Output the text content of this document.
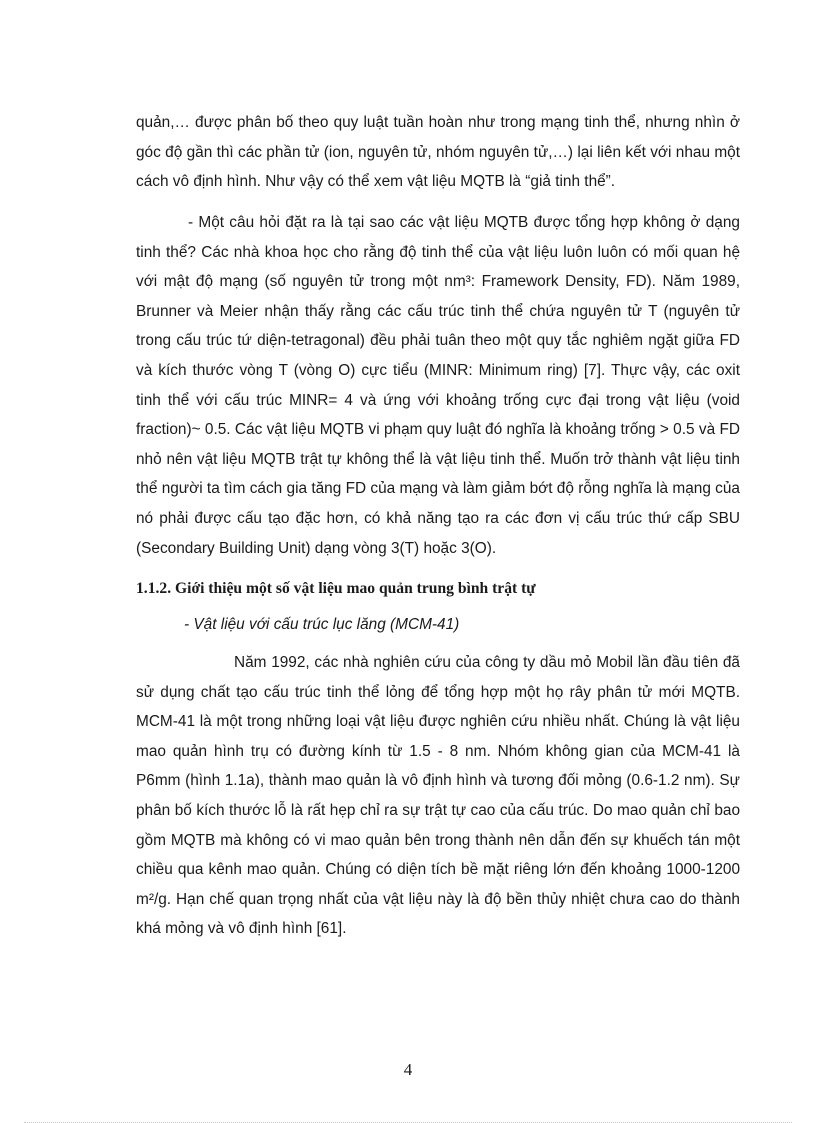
quản,… được phân bố theo quy luật tuần hoàn như trong mạng tinh thể, nhưng nhìn ở góc độ gần thì các phần tử (ion, nguyên tử, nhóm nguyên tử,…) lại liên kết với nhau một cách vô định hình. Như vậy có thể xem vật liệu MQTB là “giả tinh thể”.

- Một câu hỏi đặt ra là tại sao các vật liệu MQTB được tổng hợp không ở dạng tinh thể? Các nhà khoa học cho rằng độ tinh thể của vật liệu luôn luôn có mối quan hệ với mật độ mạng (số nguyên tử trong một nm³: Framework Density, FD). Năm 1989, Brunner và Meier nhận thấy rằng các cấu trúc tinh thể chứa nguyên tử T (nguyên tử trong cấu trúc tứ diện-tetragonal) đều phải tuân theo một quy tắc nghiêm ngặt giữa FD và kích thước vòng T (vòng O) cực tiểu (MINR: Minimum ring) [7]. Thực vậy, các oxit tinh thể với cấu trúc MINR= 4 và ứng với khoảng trống cực đại trong vật liệu (void fraction)~ 0.5. Các vật liệu MQTB vi phạm quy luật đó nghĩa là khoảng trống > 0.5 và FD nhỏ nên vật liệu MQTB trật tự không thể là vật liệu tinh thể. Muốn trở thành vật liệu tinh thể người ta tìm cách gia tăng FD của mạng và làm giảm bớt độ rỗng nghĩa là mạng của nó phải được cấu tạo đặc hơn, có khả năng tạo ra các đơn vị cấu trúc thứ cấp SBU (Secondary Building Unit) dạng vòng 3(T) hoặc 3(O).

1.1.2. Giới thiệu một số vật liệu mao quản trung bình trật tự

- Vật liệu với cấu trúc lục lăng (MCM-41)

Năm 1992, các nhà nghiên cứu của công ty dầu mỏ Mobil lần đầu tiên đã sử dụng chất tạo cấu trúc tinh thể lỏng để tổng hợp một họ rây phân tử mới MQTB. MCM-41 là một trong những loại vật liệu được nghiên cứu nhiều nhất. Chúng là vật liệu mao quản hình trụ có đường kính từ 1.5 - 8 nm. Nhóm không gian của MCM-41 là P6mm (hình 1.1a), thành mao quản là vô định hình và tương đối mỏng (0.6-1.2 nm). Sự phân bố kích thước lỗ là rất hẹp chỉ ra sự trật tự cao của cấu trúc. Do mao quản chỉ bao gồm MQTB mà không có vi mao quản bên trong thành nên dẫn đến sự khuếch tán một chiều qua kênh mao quản. Chúng có diện tích bề mặt riêng lớn đến khoảng 1000-1200 m²/g. Hạn chế quan trọng nhất của vật liệu này là độ bền thủy nhiệt chưa cao do thành khá mỏng và vô định hình [61].

4
